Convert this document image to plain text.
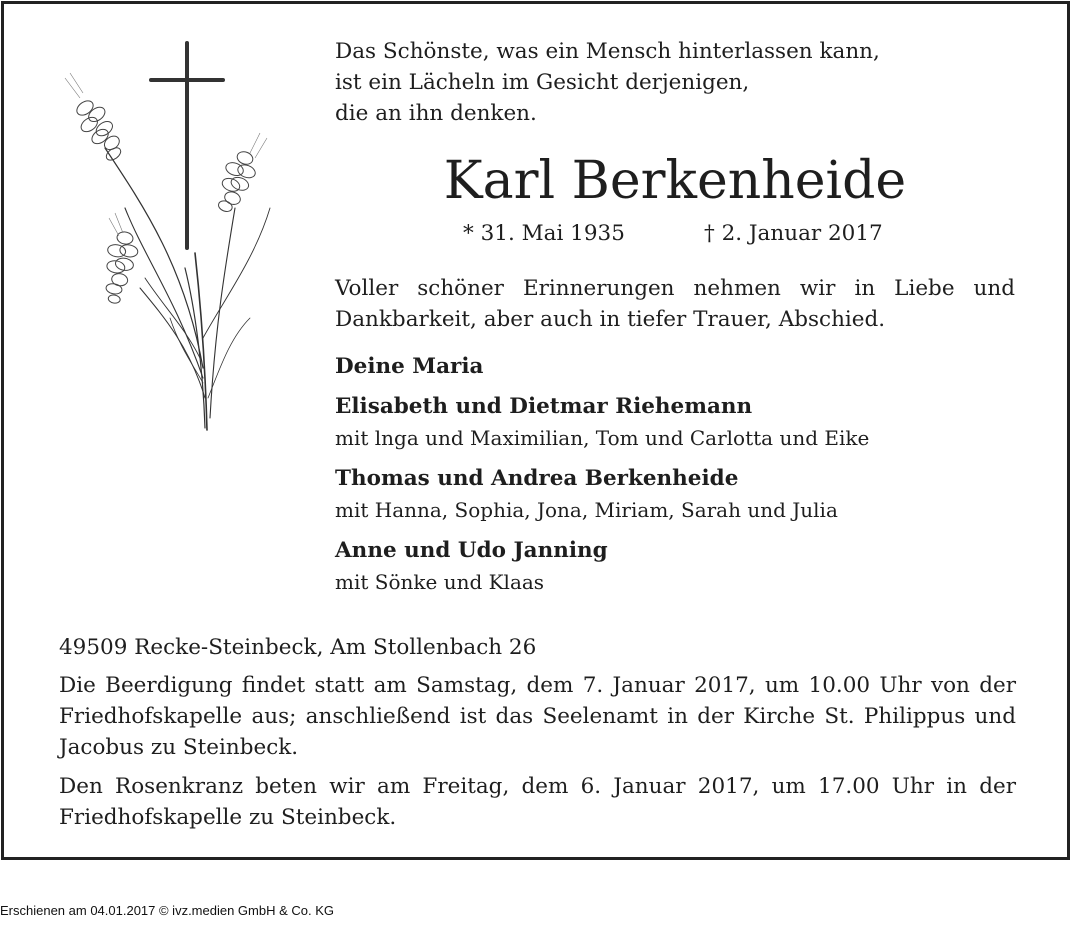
Das Schönste, was ein Mensch hinterlassen kann,
ist ein Lächeln im Gesicht derjenigen,
die an ihn denken.
Karl Berkenheide
* 31. Mai 1935	† 2. Januar 2017
Voller schöner Erinnerungen nehmen wir in Liebe und
Dankbarkeit, aber auch in tiefer Trauer, Abschied.
Deine Maria
Elisabeth und Dietmar Riehemann
mit lnga und Maximilian, Tom und Carlotta und Eike
Thomas und Andrea Berkenheide
mit Hanna, Sophia, Jona, Miriam, Sarah und Julia
Anne und Udo Janning
mit Sönke und Klaas
49509 Recke-Steinbeck, Am Stollenbach 26
Die Beerdigung findet statt am Samstag, dem 7. Januar 2017, um 10.00 Uhr von der
Friedhofskapelle aus; anschließend ist das Seelenamt in der Kirche St. Philippus und
Jacobus zu Steinbeck.
Den Rosenkranz beten wir am Freitag, dem 6. Januar 2017, um 17.00 Uhr in der
Friedhofskapelle zu Steinbeck.
Erschienen am 04.01.2017 © ivz.medien GmbH & Co. KG
